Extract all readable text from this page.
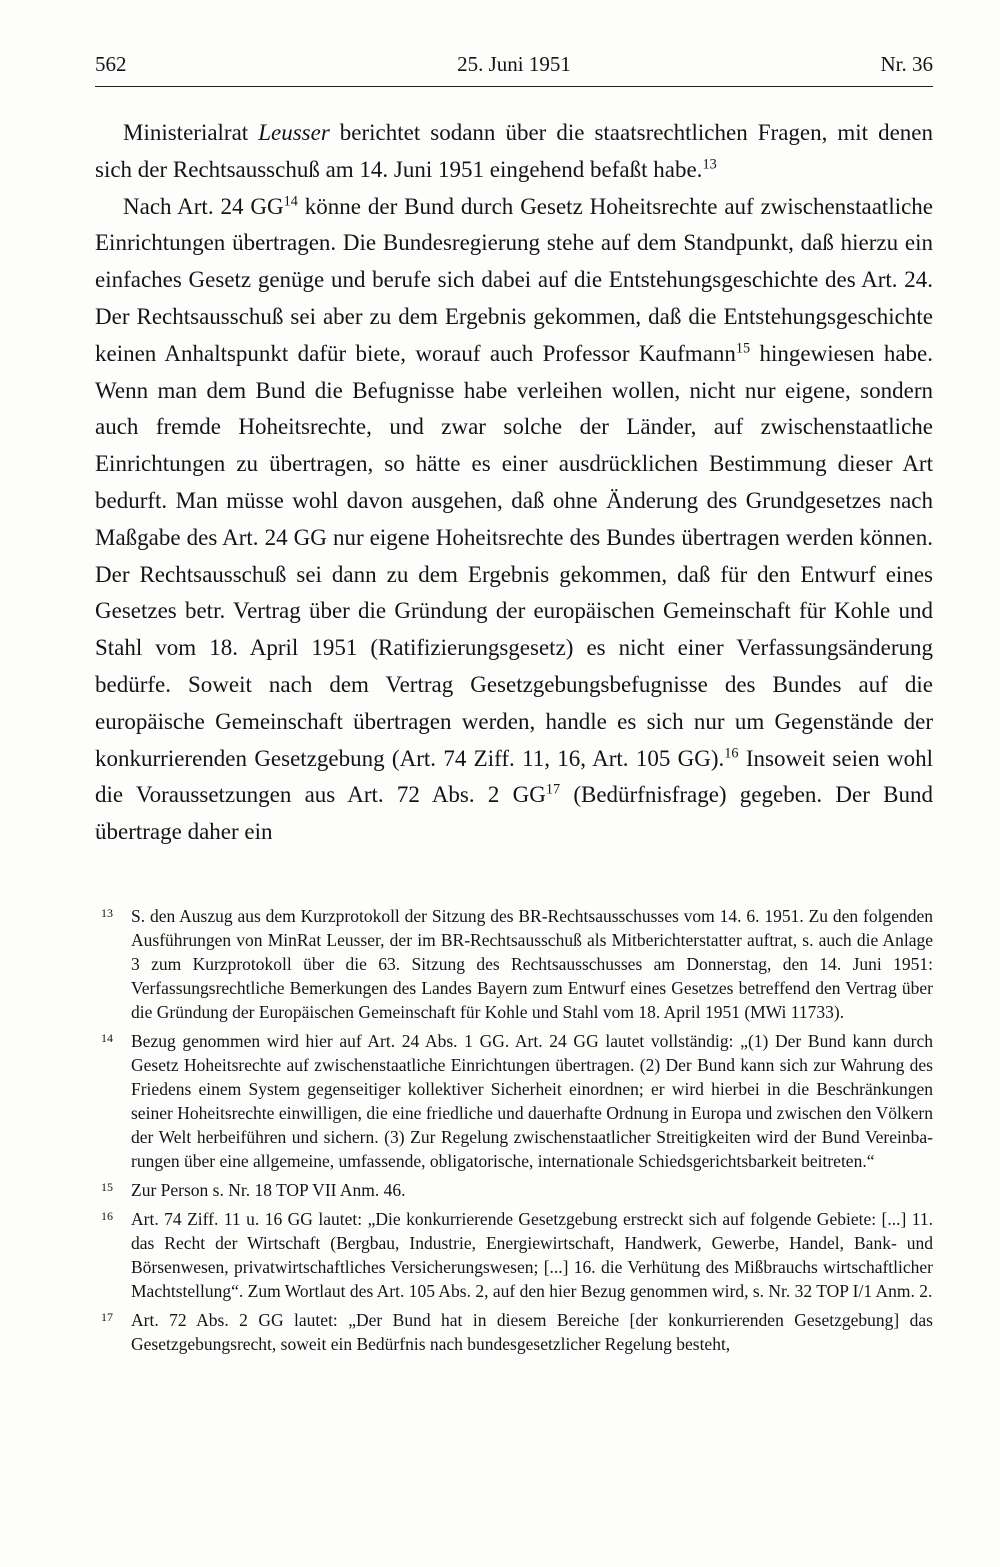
562	25. Juni 1951	Nr. 36

Ministerialrat Leusser berichtet sodann über die staatsrechtlichen Fragen, mit denen sich der Rechtsausschuß am 14. Juni 1951 eingehend befaßt habe.$^{13}$

Nach Art. 24 GG$^{14}$ könne der Bund durch Gesetz Hoheitsrechte auf zwischenstaatliche Einrichtungen übertragen. Die Bundesregierung stehe auf dem Standpunkt, daß hierzu ein einfaches Gesetz genüge und berufe sich dabei auf die Entstehungsgeschichte des Art. 24. Der Rechtsausschuß sei aber zu dem Ergebnis gekommen, daß die Entstehungsgeschichte keinen Anhaltspunkt dafür biete, worauf auch Professor Kaufmann$^{15}$ hingewiesen habe. Wenn man dem Bund die Befugnisse habe verleihen wollen, nicht nur eigene, sondern auch fremde Hoheitsrechte, und zwar solche der Länder, auf zwischenstaatliche Einrichtungen zu übertragen, so hätte es einer ausdrücklichen Bestimmung dieser Art bedurft. Man müsse wohl davon ausgehen, daß ohne Änderung des Grundgesetzes nach Maßgabe des Art. 24 GG nur eigene Hoheitsrechte des Bundes übertragen werden können. Der Rechtsausschuß sei dann zu dem Ergebnis gekommen, daß für den Entwurf eines Gesetzes betr. Vertrag über die Gründung der europäischen Gemeinschaft für Kohle und Stahl vom 18. April 1951 (Ratifizierungsgesetz) es nicht einer Verfassungsänderung bedürfe. Soweit nach dem Vertrag Gesetzgebungsbefugnisse des Bundes auf die europäische Gemeinschaft übertragen werden, handle es sich nur um Gegenstände der konkurrierenden Gesetzgebung (Art. 74 Ziff. 11, 16, Art. 105 GG).$^{16}$ Insoweit seien wohl die Voraussetzungen aus Art. 72 Abs. 2 GG$^{17}$ (Bedürfnisfrage) gegeben. Der Bund übertrage daher ein

13 S. den Auszug aus dem Kurzprotokoll der Sitzung des BR-Rechtsausschusses vom 14. 6. 1951. Zu den folgenden Ausführungen von MinRat Leusser, der im BR-Rechtsausschuß als Mitberichterstatter auftrat, s. auch die Anlage 3 zum Kurzprotokoll über die 63. Sitzung des Rechtsausschusses am Donnerstag, den 14. Juni 1951: Verfassungsrechtliche Bemerkungen des Landes Bayern zum Entwurf eines Gesetzes betreffend den Vertrag über die Gründung der Europäischen Gemeinschaft für Kohle und Stahl vom 18. April 1951 (MWi 11733).
14 Bezug genommen wird hier auf Art. 24 Abs. 1 GG. Art. 24 GG lautet vollständig: „(1) Der Bund kann durch Gesetz Hoheitsrechte auf zwischenstaatliche Einrichtungen übertragen. (2) Der Bund kann sich zur Wahrung des Friedens einem System gegenseitiger kollektiver Sicherheit einordnen; er wird hierbei in die Beschränkungen seiner Hoheitsrechte einwilligen, die eine friedliche und dauerhafte Ordnung in Europa und zwischen den Völkern der Welt herbeiführen und sichern. (3) Zur Regelung zwischenstaatlicher Streitigkeiten wird der Bund Vereinbarungen über eine allgemeine, umfassende, obligatorische, internationale Schiedsgerichtsbarkeit beitreten.“
15 Zur Person s. Nr. 18 TOP VII Anm. 46.
16 Art. 74 Ziff. 11 u. 16 GG lautet: „Die konkurrierende Gesetzgebung erstreckt sich auf folgende Gebiete: [...] 11. das Recht der Wirtschaft (Bergbau, Industrie, Energiewirtschaft, Handwerk, Gewerbe, Handel, Bank- und Börsenwesen, privatwirtschaftliches Versicherungswesen; [...] 16. die Verhütung des Mißbrauchs wirtschaftlicher Machtstellung“. Zum Wortlaut des Art. 105 Abs. 2, auf den hier Bezug genommen wird, s. Nr. 32 TOP I/1 Anm. 2.
17 Art. 72 Abs. 2 GG lautet: „Der Bund hat in diesem Bereiche [der konkurrierenden Gesetzgebung] das Gesetzgebungsrecht, soweit ein Bedürfnis nach bundesgesetzlicher Regelung besteht,
